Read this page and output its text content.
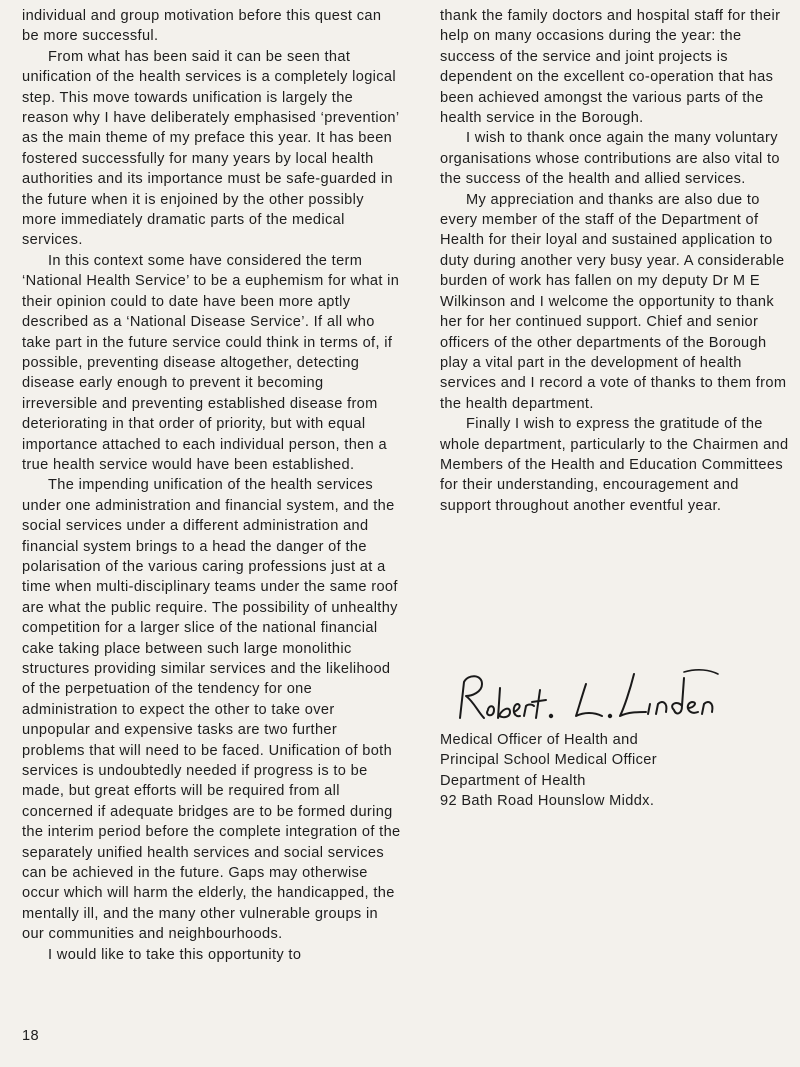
individual and group motivation before this quest can be more successful.

From what has been said it can be seen that unification of the health services is a completely logical step. This move towards unification is largely the reason why I have deliberately emphasised ‘prevention’ as the main theme of my preface this year. It has been fostered successfully for many years by local health authorities and its importance must be safe-guarded in the future when it is enjoined by the other possibly more immediately dramatic parts of the medical services.

In this context some have considered the term ‘National Health Service’ to be a euphemism for what in their opinion could to date have been more aptly described as a ‘National Disease Service’. If all who take part in the future service could think in terms of, if possible, preventing disease altogether, detecting disease early enough to prevent it becoming irreversible and preventing established disease from deteriorating in that order of priority, but with equal importance attached to each individual person, then a true health service would have been established.

The impending unification of the health services under one administration and financial system, and the social services under a different administration and financial system brings to a head the danger of the polarisation of the various caring professions just at a time when multi-disciplinary teams under the same roof are what the public require. The possibility of unhealthy competition for a larger slice of the national financial cake taking place between such large monolithic structures providing similar services and the likelihood of the perpetuation of the tendency for one administration to expect the other to take over unpopular and expensive tasks are two further problems that will need to be faced. Unification of both services is undoubtedly needed if progress is to be made, but great efforts will be required from all concerned if adequate bridges are to be formed during the interim period before the complete integration of the separately unified health services and social services can be achieved in the future. Gaps may otherwise occur which will harm the elderly, the handicapped, the mentally ill, and the many other vulnerable groups in our communities and neighbourhoods.

I would like to take this opportunity to

thank the family doctors and hospital staff for their help on many occasions during the year: the success of the service and joint projects is dependent on the excellent co-operation that has been achieved amongst the various parts of the health service in the Borough.

I wish to thank once again the many voluntary organisations whose contributions are also vital to the success of the health and allied services.

My appreciation and thanks are also due to every member of the staff of the Department of Health for their loyal and sustained application to duty during another very busy year. A considerable burden of work has fallen on my deputy Dr M E Wilkinson and I welcome the opportunity to thank her for her continued support. Chief and senior officers of the other departments of the Borough play a vital part in the development of health services and I record a vote of thanks to them from the health department.

Finally I wish to express the gratitude of the whole department, particularly to the Chairmen and Members of the Health and Education Committees for their understanding, encouragement and support throughout another eventful year.

Medical Officer of Health and
Principal School Medical Officer
Department of Health
92 Bath Road Hounslow Middx.
18
